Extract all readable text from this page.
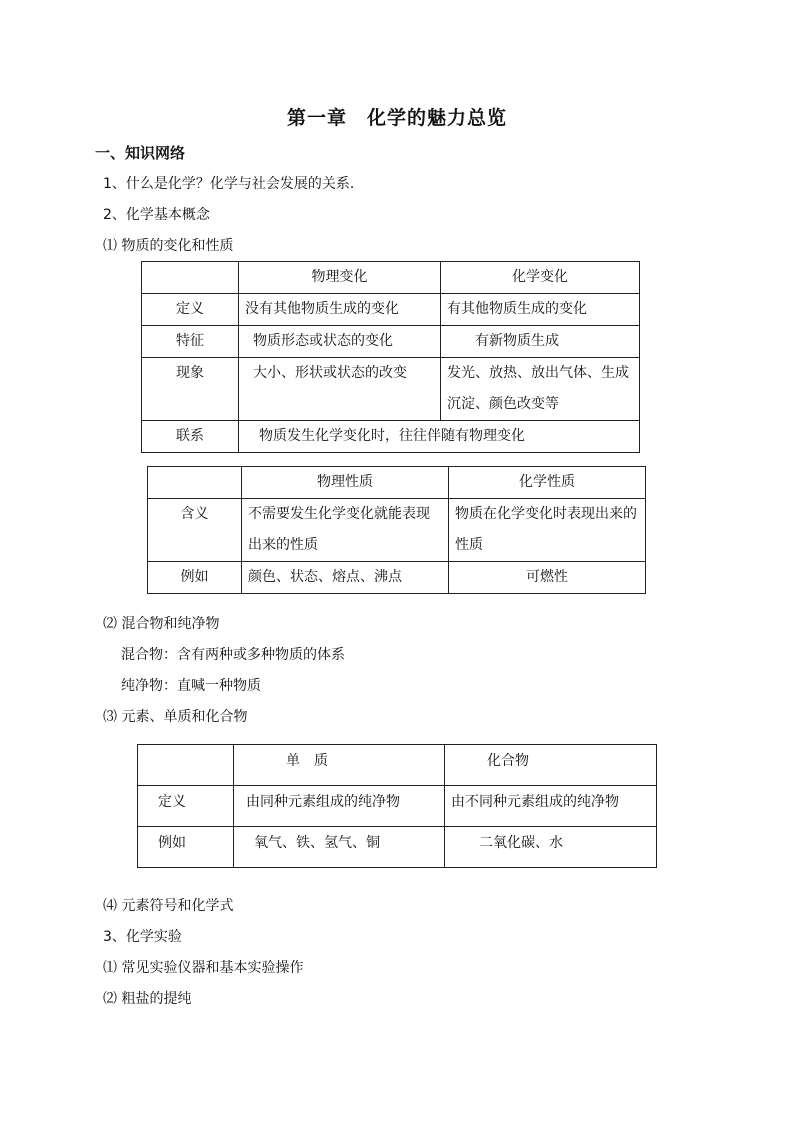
第一章　化学的魅力总览
一、知识网络
1、什么是化学？化学与社会发展的关系.
2、化学基本概念
⑴ 物质的变化和性质
	物理变化	化学变化
定义	没有其他物质生成的变化	有其他物质生成的变化
特征	物质形态或状态的变化	有新物质生成
现象	大小、形状或状态的改变	发光、放热、放出气体、生成沉淀、颜色改变等
联系	物质发生化学变化时，往往伴随有物理变化	
	物理性质	化学性质
含义	不需要发生化学变化就能表现出来的性质	物质在化学变化时表现出来的性质
例如	颜色、状态、熔点、沸点	可燃性
⑵ 混合物和纯净物
混合物：含有两种或多种物质的体系
纯净物：直喊一种物质
⑶ 元素、单质和化合物
	单　质	化合物
定义	由同种元素组成的纯净物	由不同种元素组成的纯净物
例如	氧气、铁、氢气、铜	二氧化碳、水
⑷ 元素符号和化学式
3、化学实验
⑴ 常见实验仪器和基本实验操作
⑵ 粗盐的提纯
